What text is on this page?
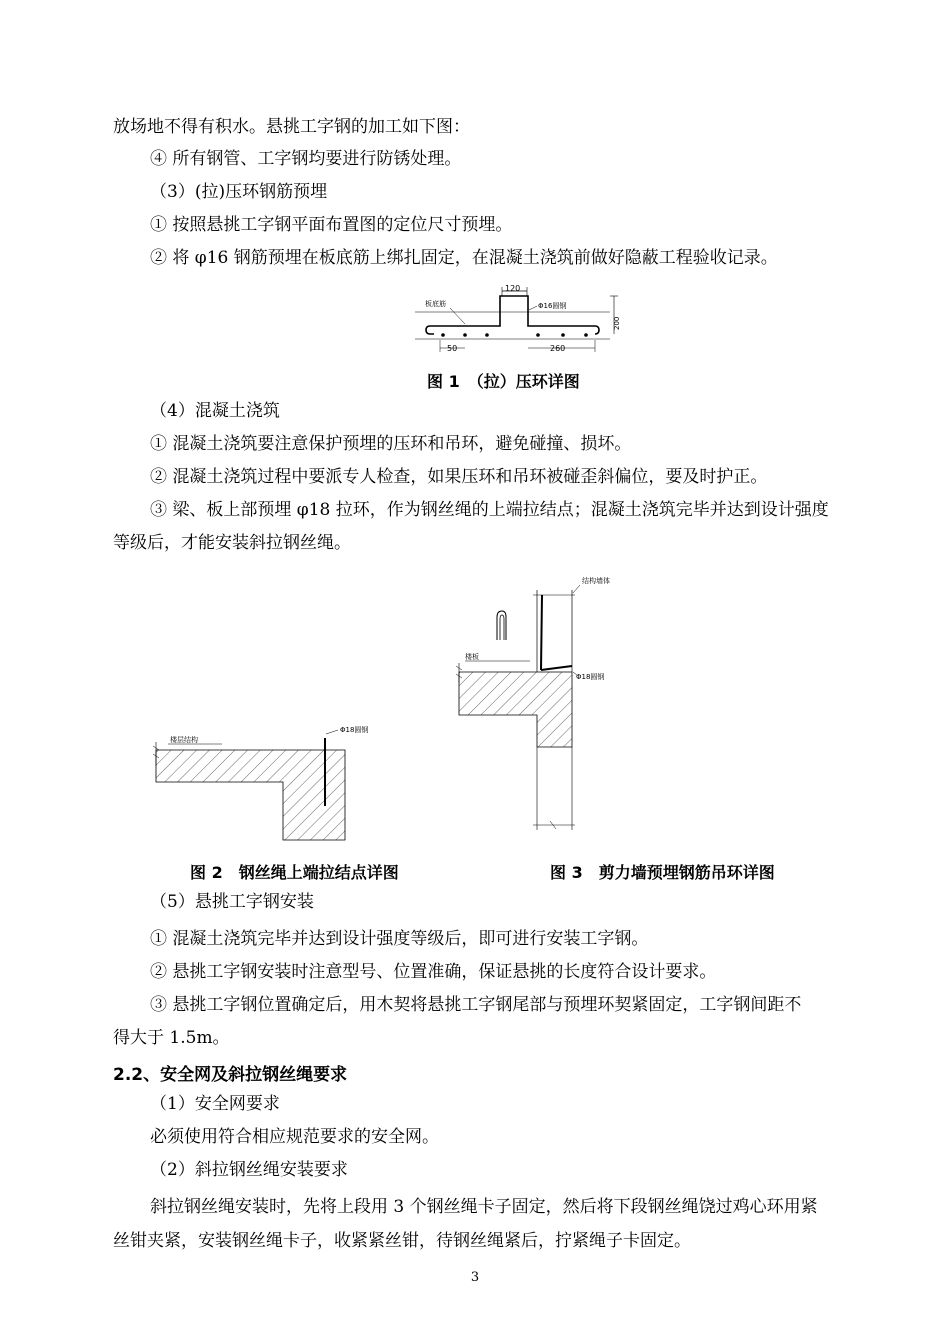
放场地不得有积水。悬挑工字钢的加工如下图：
④ 所有钢管、工字钢均要进行防锈处理。
（3）(拉)压环钢筋预埋
① 按照悬挑工字钢平面布置图的定位尺寸预埋。
② 将 φ16 钢筋预埋在板底筋上绑扎固定，在混凝土浇筑前做好隐蔽工程验收记录。
120
板底筋	Φ16圆钢
200
50	260
图 1　（拉）压环详图
（4）混凝土浇筑
① 混凝土浇筑要注意保护预埋的压环和吊环，避免碰撞、损坏。
② 混凝土浇筑过程中要派专人检查，如果压环和吊环被碰歪斜偏位，要及时护正。
③ 梁、板上部预埋 φ18 拉环，作为钢丝绳的上端拉结点；混凝土浇筑完毕并达到设计强度
等级后，才能安装斜拉钢丝绳。
结构墙体
楼板
Φ18圆钢
Φ18圆钢
楼层结构
图 2　钢丝绳上端拉结点详图	图 3　剪力墙预埋钢筋吊环详图
（5）悬挑工字钢安装
① 混凝土浇筑完毕并达到设计强度等级后，即可进行安装工字钢。
② 悬挑工字钢安装时注意型号、位置准确，保证悬挑的长度符合设计要求。
③ 悬挑工字钢位置确定后，用木契将悬挑工字钢尾部与预埋环契紧固定，工字钢间距不
得大于 1.5m。
2.2、安全网及斜拉钢丝绳要求
（1）安全网要求
必须使用符合相应规范要求的安全网。
（2）斜拉钢丝绳安装要求
斜拉钢丝绳安装时，先将上段用 3 个钢丝绳卡子固定，然后将下段钢丝绳饶过鸡心环用紧
丝钳夹紧，安装钢丝绳卡子，收紧紧丝钳，待钢丝绳紧后，拧紧绳子卡固定。
3
